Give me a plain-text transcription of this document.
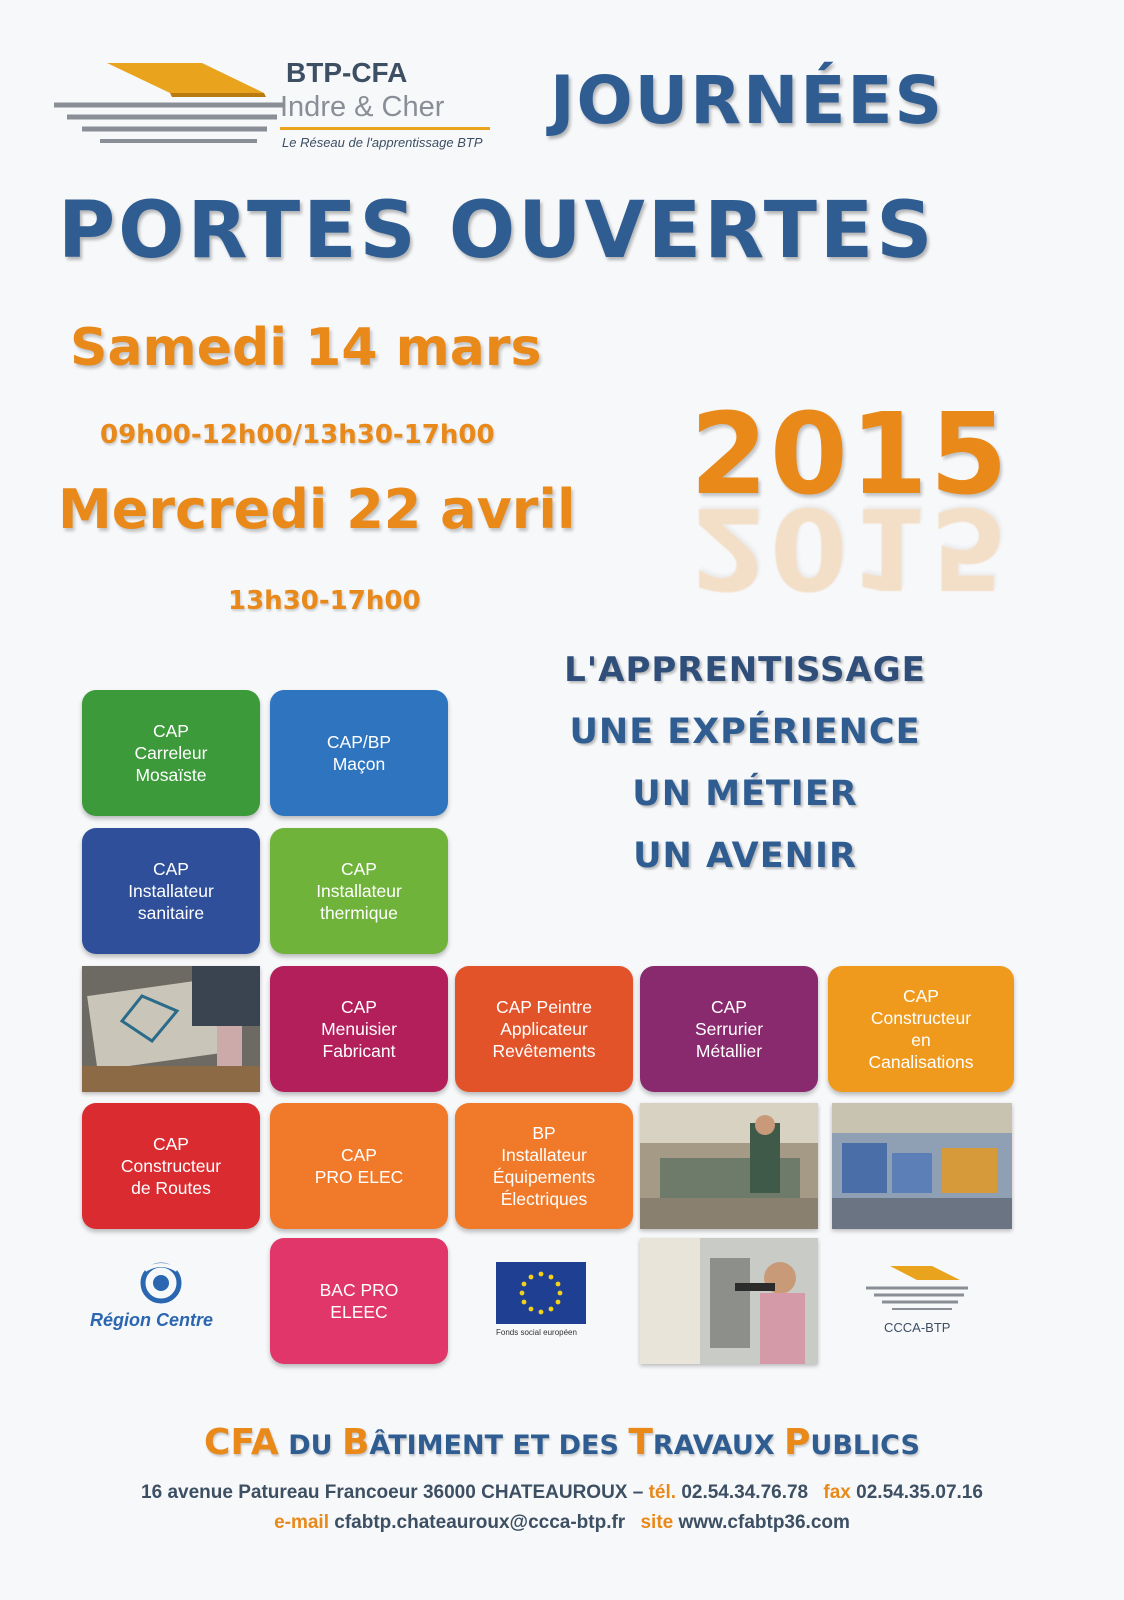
BTP-CFA
Indre & Cher
Le Réseau de l'apprentissage BTP
JOURNÉES
PORTES OUVERTES
Samedi 14 mars
09h00-12h00/13h30-17h00
Mercredi 22 avril
13h30-17h00
2015
2015
L'APPRENTISSAGE
UNE EXPÉRIENCE
UN MÉTIER
UN AVENIR
CAP
Carreleur
Mosaïste
CAP/BP
Maçon
CAP
Installateur
sanitaire
CAP
Installateur
thermique
CAP
Menuisier
Fabricant
CAP Peintre
Applicateur
Revêtements
CAP
Serrurier
Métallier
CAP
Constructeur
en
Canalisations
CAP
Constructeur
de Routes
CAP
PRO ELEC
BP
Installateur
Équipements
Électriques
BAC PRO
ELEEC
Région Centre
Fonds social européen	CCCA-BTP
CFA DU BÂTIMENT ET DES TRAVAUX PUBLICS
16 avenue Patureau Francoeur 36000 CHATEAUROUX – tél. 02.54.34.76.78 fax 02.54.35.07.16
e-mail cfabtp.chateauroux@ccca-btp.fr site www.cfabtp36.com
